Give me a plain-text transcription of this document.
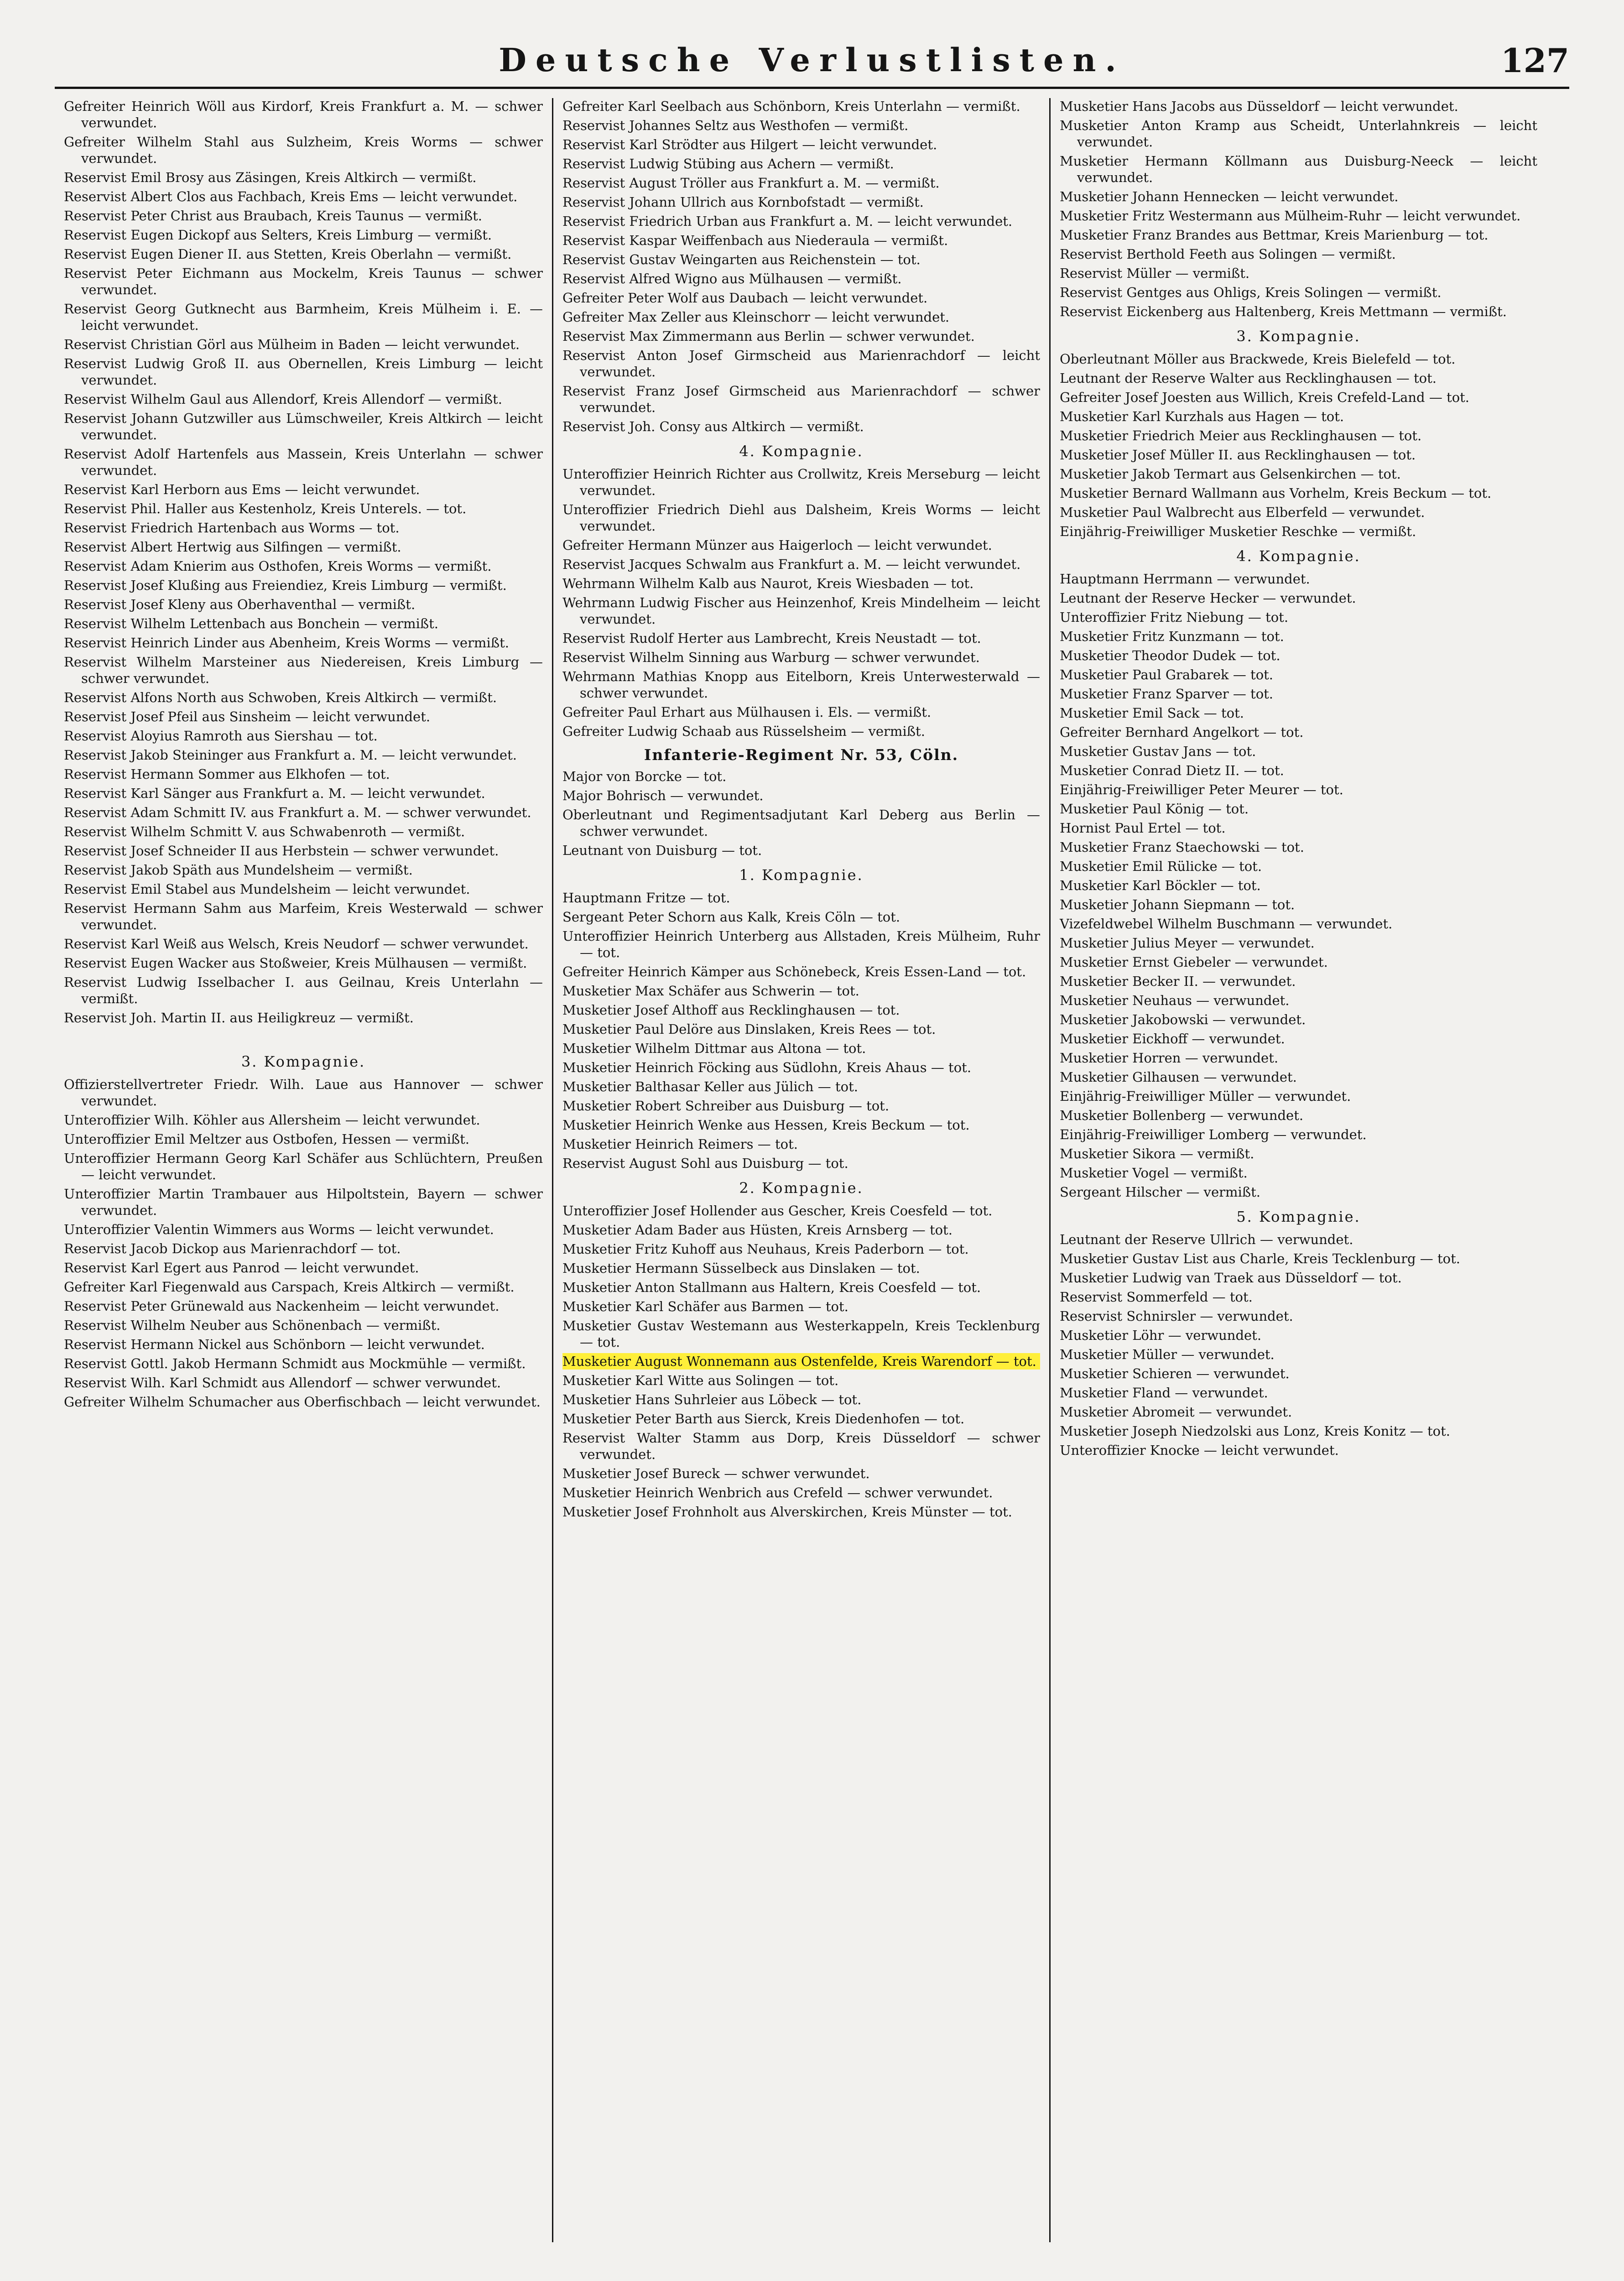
Deutsche Verlustlisten.	127
Gefreiter Heinrich Wöll aus Kirdorf, Kreis Frankfurt a. M. — schwer verwundet.
Gefreiter Wilhelm Stahl aus Sulzheim, Kreis Worms — schwer verwundet.
Reservist Emil Brosy aus Zäsingen, Kreis Altkirch — vermißt.
Reservist Albert Clos aus Fachbach, Kreis Ems — leicht verwundet.
Reservist Peter Christ aus Braubach, Kreis Taunus — vermißt.
Reservist Eugen Dickopf aus Selters, Kreis Limburg — vermißt.
Reservist Eugen Diener II. aus Stetten, Kreis Oberlahn — vermißt.
Reservist Peter Eichmann aus Mockelm, Kreis Taunus — schwer verwundet.
Reservist Georg Gutknecht aus Barmheim, Kreis Mülheim i. E. — leicht verwundet.
Reservist Christian Görl aus Mülheim in Baden — leicht verwundet.
Reservist Ludwig Groß II. aus Obernellen, Kreis Limburg — leicht verwundet.
Reservist Wilhelm Gaul aus Allendorf, Kreis Allendorf — vermißt.
Reservist Johann Gutzwiller aus Lümschweiler, Kreis Altkirch — leicht verwundet.
Reservist Adolf Hartenfels aus Massein, Kreis Unterlahn — schwer verwundet.
Reservist Karl Herborn aus Ems — leicht verwundet.
Reservist Phil. Haller aus Kestenholz, Kreis Unterels. — tot.
Reservist Friedrich Hartenbach aus Worms — tot.
Reservist Albert Hertwig aus Silfingen — vermißt.
Reservist Adam Knierim aus Osthofen, Kreis Worms — vermißt.
Reservist Josef Klußing aus Freiendiez, Kreis Limburg — vermißt.
Reservist Josef Kleny aus Oberhaventhal — vermißt.
Reservist Wilhelm Lettenbach aus Bonchein — vermißt.
Reservist Heinrich Linder aus Abenheim, Kreis Worms — vermißt.
Reservist Wilhelm Marsteiner aus Niedereisen, Kreis Limburg — schwer verwundet.
Reservist Alfons North aus Schwoben, Kreis Altkirch — vermißt.
Reservist Josef Pfeil aus Sinsheim — leicht verwundet.
Reservist Aloyius Ramroth aus Siershau — tot.
Reservist Jakob Steininger aus Frankfurt a. M. — leicht verwundet.
Reservist Hermann Sommer aus Elkhofen — tot.
Reservist Karl Sänger aus Frankfurt a. M. — leicht verwundet.
Reservist Adam Schmitt IV. aus Frankfurt a. M. — schwer verwundet.
Reservist Wilhelm Schmitt V. aus Schwabenroth — vermißt.
Reservist Josef Schneider II aus Herbstein — schwer verwundet.
Reservist Jakob Späth aus Mundelsheim — vermißt.
Reservist Emil Stabel aus Mundelsheim — leicht verwundet.
Reservist Hermann Sahm aus Marfeim, Kreis Westerwald — schwer verwundet.
Reservist Karl Weiß aus Welsch, Kreis Neudorf — schwer verwundet.
Reservist Eugen Wacker aus Stoßweier, Kreis Mülhausen — vermißt.
Reservist Ludwig Isselbacher I. aus Geilnau, Kreis Unterlahn — vermißt.
Reservist Joh. Martin II. aus Heiligkreuz — vermißt.
3. Kompagnie.
Offizierstellvertreter Friedr. Wilh. Laue aus Hannover — schwer verwundet.
Unteroffizier Wilh. Köhler aus Allersheim — leicht verwundet.
Unteroffizier Emil Meltzer aus Ostbofen, Hessen — vermißt.
Unteroffizier Hermann Georg Karl Schäfer aus Schlüchtern, Preußen — leicht verwundet.
Unteroffizier Martin Trambauer aus Hilpoltstein, Bayern — schwer verwundet.
Unteroffizier Valentin Wimmers aus Worms — leicht verwundet.
Reservist Jacob Dickop aus Marienrachdorf — tot.
Reservist Karl Egert aus Panrod — leicht verwundet.
Gefreiter Karl Fiegenwald aus Carspach, Kreis Altkirch — vermißt.
Reservist Peter Grünewald aus Nackenheim — leicht verwundet.
Reservist Wilhelm Neuber aus Schönenbach — vermißt.
Reservist Hermann Nickel aus Schönborn — leicht verwundet.
Reservist Gottl. Jakob Hermann Schmidt aus Mockmühle — vermißt.
Reservist Wilh. Karl Schmidt aus Allendorf — schwer verwundet.
Gefreiter Wilhelm Schumacher aus Oberfischbach — leicht verwundet.
Gefreiter Karl Seelbach aus Schönborn, Kreis Unterlahn — vermißt.
Reservist Johannes Seltz aus Westhofen — vermißt.
Reservist Karl Strödter aus Hilgert — leicht verwundet.
Reservist Ludwig Stübing aus Achern — vermißt.
Reservist August Tröller aus Frankfurt a. M. — vermißt.
Reservist Johann Ullrich aus Kornbofstadt — vermißt.
Reservist Friedrich Urban aus Frankfurt a. M. — leicht verwundet.
Reservist Kaspar Weiffenbach aus Niederaula — vermißt.
Reservist Gustav Weingarten aus Reichenstein — tot.
Reservist Alfred Wigno aus Mülhausen — vermißt.
Gefreiter Peter Wolf aus Daubach — leicht verwundet.
Gefreiter Max Zeller aus Kleinschorr — leicht verwundet.
Reservist Max Zimmermann aus Berlin — schwer verwundet.
Reservist Anton Josef Girmscheid aus Marienrachdorf — leicht verwundet.
Reservist Franz Josef Girmscheid aus Marienrachdorf — schwer verwundet.
Reservist Joh. Consy aus Altkirch — vermißt.
4. Kompagnie.
Unteroffizier Heinrich Richter aus Crollwitz, Kreis Merseburg — leicht verwundet.
Unteroffizier Friedrich Diehl aus Dalsheim, Kreis Worms — leicht verwundet.
Gefreiter Hermann Münzer aus Haigerloch — leicht verwundet.
Reservist Jacques Schwalm aus Frankfurt a. M. — leicht verwundet.
Wehrmann Wilhelm Kalb aus Naurot, Kreis Wiesbaden — tot.
Wehrmann Ludwig Fischer aus Heinzenhof, Kreis Mindelheim — leicht verwundet.
Reservist Rudolf Herter aus Lambrecht, Kreis Neustadt — tot.
Reservist Wilhelm Sinning aus Warburg — schwer verwundet.
Wehrmann Mathias Knopp aus Eitelborn, Kreis Unterwesterwald — schwer verwundet.
Gefreiter Paul Erhart aus Mülhausen i. Els. — vermißt.
Gefreiter Ludwig Schaab aus Rüsselsheim — vermißt.
Infanterie-Regiment Nr. 53, Cöln.
Major von Borcke — tot.
Major Bohrisch — verwundet.
Oberleutnant und Regimentsadjutant Karl Deberg aus Berlin — schwer verwundet.
Leutnant von Duisburg — tot.
1. Kompagnie.
Hauptmann Fritze — tot.
Sergeant Peter Schorn aus Kalk, Kreis Cöln — tot.
Unteroffizier Heinrich Unterberg aus Allstaden, Kreis Mülheim, Ruhr — tot.
Gefreiter Heinrich Kämper aus Schönebeck, Kreis Essen-Land — tot.
Musketier Max Schäfer aus Schwerin — tot.
Musketier Josef Althoff aus Recklinghausen — tot.
Musketier Paul Delöre aus Dinslaken, Kreis Rees — tot.
Musketier Wilhelm Dittmar aus Altona — tot.
Musketier Heinrich Föcking aus Südlohn, Kreis Ahaus — tot.
Musketier Balthasar Keller aus Jülich — tot.
Musketier Robert Schreiber aus Duisburg — tot.
Musketier Heinrich Wenke aus Hessen, Kreis Beckum — tot.
Musketier Heinrich Reimers — tot.
Reservist August Sohl aus Duisburg — tot.
2. Kompagnie.
Unteroffizier Josef Hollender aus Gescher, Kreis Coesfeld — tot.
Musketier Adam Bader aus Hüsten, Kreis Arnsberg — tot.
Musketier Fritz Kuhoff aus Neuhaus, Kreis Paderborn — tot.
Musketier Hermann Süsselbeck aus Dinslaken — tot.
Musketier Anton Stallmann aus Haltern, Kreis Coesfeld — tot.
Musketier Karl Schäfer aus Barmen — tot.
Musketier Gustav Westemann aus Westerkappeln, Kreis Tecklenburg — tot.
Musketier August Wonnemann aus Ostenfelde, Kreis Warendorf — tot.
Musketier Karl Witte aus Solingen — tot.
Musketier Hans Suhrleier aus Löbeck — tot.
Musketier Peter Barth aus Sierck, Kreis Diedenhofen — tot.
Reservist Walter Stamm aus Dorp, Kreis Düsseldorf — schwer verwundet.
Musketier Josef Bureck — schwer verwundet.
Musketier Heinrich Wenbrich aus Crefeld — schwer verwundet.
Musketier Josef Frohnholt aus Alverskirchen, Kreis Münster — tot.
Musketier Hans Jacobs aus Düsseldorf — leicht verwundet.
Musketier Anton Kramp aus Scheidt, Unterlahnkreis — leicht verwundet.
Musketier Hermann Köllmann aus Duisburg-Neeck — leicht verwundet.
Musketier Johann Hennecken — leicht verwundet.
Musketier Fritz Westermann aus Mülheim-Ruhr — leicht verwundet.
Musketier Franz Brandes aus Bettmar, Kreis Marienburg — tot.
Reservist Berthold Feeth aus Solingen — vermißt.
Reservist Müller — vermißt.
Reservist Gentges aus Ohligs, Kreis Solingen — vermißt.
Reservist Eickenberg aus Haltenberg, Kreis Mettmann — vermißt.
3. Kompagnie.
Oberleutnant Möller aus Brackwede, Kreis Bielefeld — tot.
Leutnant der Reserve Walter aus Recklinghausen — tot.
Gefreiter Josef Joesten aus Willich, Kreis Crefeld-Land — tot.
Musketier Karl Kurzhals aus Hagen — tot.
Musketier Friedrich Meier aus Recklinghausen — tot.
Musketier Josef Müller II. aus Recklinghausen — tot.
Musketier Jakob Termart aus Gelsenkirchen — tot.
Musketier Bernard Wallmann aus Vorhelm, Kreis Beckum — tot.
Musketier Paul Walbrecht aus Elberfeld — verwundet.
Einjährig-Freiwilliger Musketier Reschke — vermißt.
4. Kompagnie.
Hauptmann Herrmann — verwundet.
Leutnant der Reserve Hecker — verwundet.
Unteroffizier Fritz Niebung — tot.
Musketier Fritz Kunzmann — tot.
Musketier Theodor Dudek — tot.
Musketier Paul Grabarek — tot.
Musketier Franz Sparver — tot.
Musketier Emil Sack — tot.
Gefreiter Bernhard Angelkort — tot.
Musketier Gustav Jans — tot.
Musketier Conrad Dietz II. — tot.
Einjährig-Freiwilliger Peter Meurer — tot.
Musketier Paul König — tot.
Hornist Paul Ertel — tot.
Musketier Franz Staechowski — tot.
Musketier Emil Rülicke — tot.
Musketier Karl Böckler — tot.
Musketier Johann Siepmann — tot.
Vizefeldwebel Wilhelm Buschmann — verwundet.
Musketier Julius Meyer — verwundet.
Musketier Ernst Giebeler — verwundet.
Musketier Becker II. — verwundet.
Musketier Neuhaus — verwundet.
Musketier Jakobowski — verwundet.
Musketier Eickhoff — verwundet.
Musketier Horren — verwundet.
Musketier Gilhausen — verwundet.
Einjährig-Freiwilliger Müller — verwundet.
Musketier Bollenberg — verwundet.
Einjährig-Freiwilliger Lomberg — verwundet.
Musketier Sikora — vermißt.
Musketier Vogel — vermißt.
Sergeant Hilscher — vermißt.
5. Kompagnie.
Leutnant der Reserve Ullrich — verwundet.
Musketier Gustav List aus Charle, Kreis Tecklenburg — tot.
Musketier Ludwig van Traek aus Düsseldorf — tot.
Reservist Sommerfeld — tot.
Reservist Schnirsler — verwundet.
Musketier Löhr — verwundet.
Musketier Müller — verwundet.
Musketier Schieren — verwundet.
Musketier Fland — verwundet.
Musketier Abromeit — verwundet.
Musketier Joseph Niedzolski aus Lonz, Kreis Konitz — tot.
Unteroffizier Knocke — leicht verwundet.
